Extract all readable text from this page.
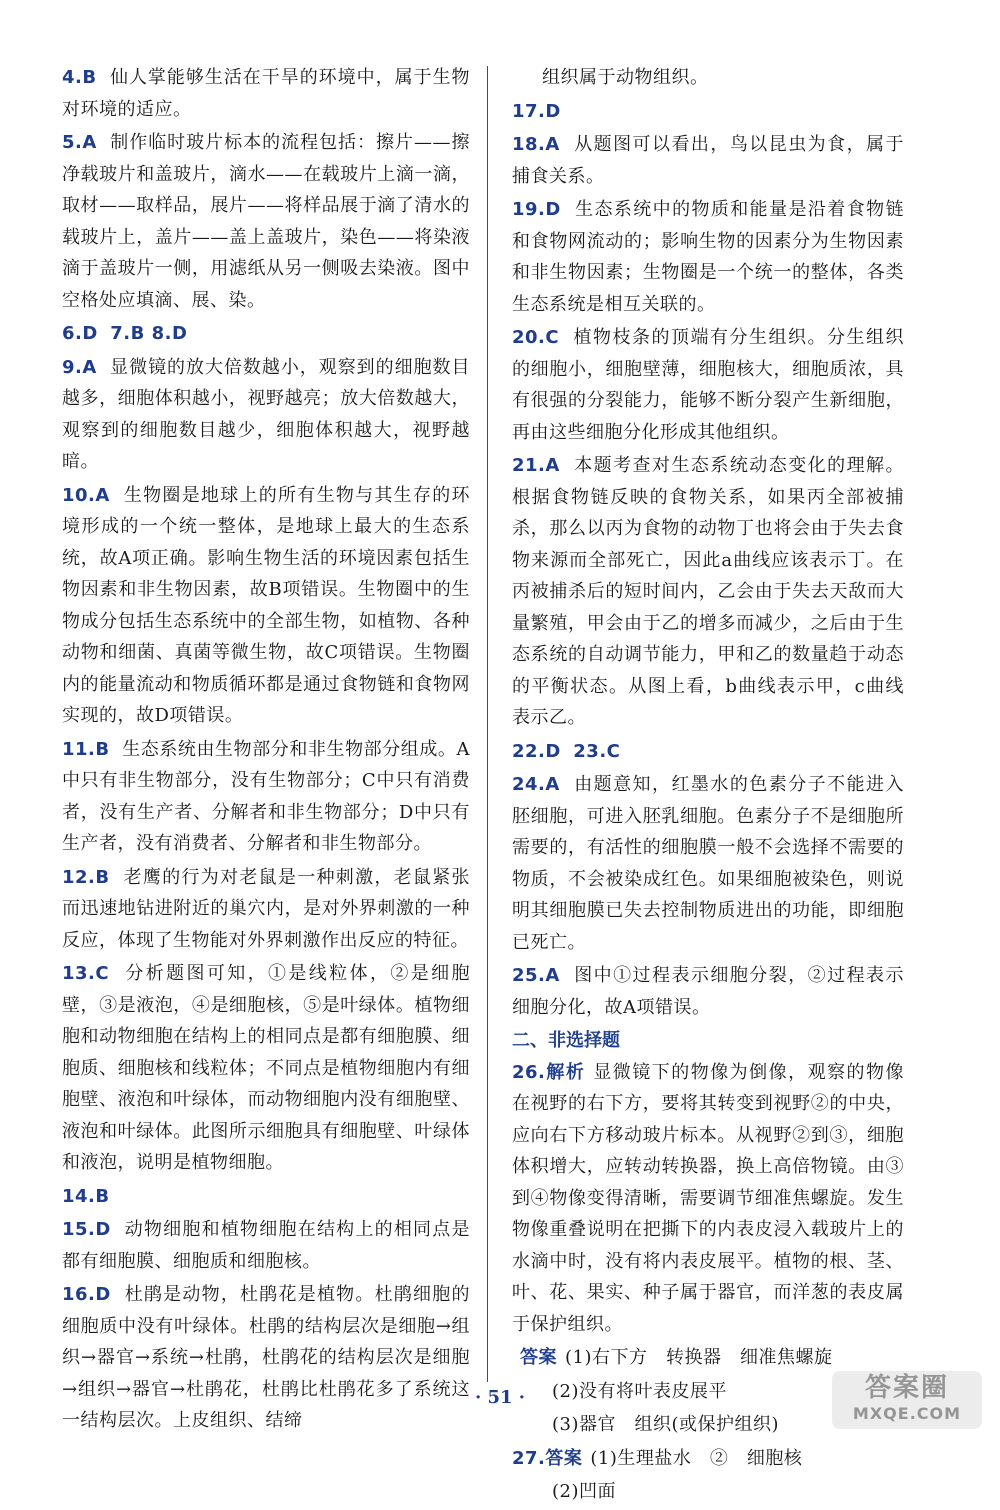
4.B 仙人掌能够生活在干旱的环境中，属于生物对环境的适应。

5.A 制作临时玻片标本的流程包括：擦片——擦净载玻片和盖玻片，滴水——在载玻片上滴一滴，取材——取样品，展片——将样品展于滴了清水的载玻片上，盖片——盖上盖玻片，染色——将染液滴于盖玻片一侧，用滤纸从另一侧吸去染液。图中空格处应填滴、展、染。

6.D 7.B 8.D

9.A 显微镜的放大倍数越小，观察到的细胞数目越多，细胞体积越小，视野越亮；放大倍数越大，观察到的细胞数目越少，细胞体积越大，视野越暗。

10.A 生物圈是地球上的所有生物与其生存的环境形成的一个统一整体，是地球上最大的生态系统，故A项正确。影响生物生活的环境因素包括生物因素和非生物因素，故B项错误。生物圈中的生物成分包括生态系统中的全部生物，如植物、各种动物和细菌、真菌等微生物，故C项错误。生物圈内的能量流动和物质循环都是通过食物链和食物网实现的，故D项错误。

11.B 生态系统由生物部分和非生物部分组成。A中只有非生物部分，没有生物部分；C中只有消费者，没有生产者、分解者和非生物部分；D中只有生产者，没有消费者、分解者和非生物部分。

12.B 老鹰的行为对老鼠是一种刺激，老鼠紧张而迅速地钻进附近的巢穴内，是对外界刺激的一种反应，体现了生物能对外界刺激作出反应的特征。

13.C 分析题图可知，①是线粒体，②是细胞壁，③是液泡，④是细胞核，⑤是叶绿体。植物细胞和动物细胞在结构上的相同点是都有细胞膜、细胞质、细胞核和线粒体；不同点是植物细胞内有细胞壁、液泡和叶绿体，而动物细胞内没有细胞壁、液泡和叶绿体。此图所示细胞具有细胞壁、叶绿体和液泡，说明是植物细胞。

14.B

15.D 动物细胞和植物细胞在结构上的相同点是都有细胞膜、细胞质和细胞核。

16.D 杜鹃是动物，杜鹃花是植物。杜鹃细胞的细胞质中没有叶绿体。杜鹃的结构层次是细胞→组织→器官→系统→杜鹃，杜鹃花的结构层次是细胞→组织→器官→杜鹃花，杜鹃比杜鹃花多了系统这一结构层次。上皮组织、结缔

组织属于动物组织。

17.D

18.A 从题图可以看出，鸟以昆虫为食，属于捕食关系。

19.D 生态系统中的物质和能量是沿着食物链和食物网流动的；影响生物的因素分为生物因素和非生物因素；生物圈是一个统一的整体，各类生态系统是相互关联的。

20.C 植物枝条的顶端有分生组织。分生组织的细胞小，细胞壁薄，细胞核大，细胞质浓，具有很强的分裂能力，能够不断分裂产生新细胞，再由这些细胞分化形成其他组织。

21.A 本题考查对生态系统动态变化的理解。根据食物链反映的食物关系，如果丙全部被捕杀，那么以丙为食物的动物丁也将会由于失去食物来源而全部死亡，因此a曲线应该表示丁。在丙被捕杀后的短时间内，乙会由于失去天敌而大量繁殖，甲会由于乙的增多而减少，之后由于生态系统的自动调节能力，甲和乙的数量趋于动态的平衡状态。从图上看，b曲线表示甲，c曲线表示乙。

22.D 23.C

24.A 由题意知，红墨水的色素分子不能进入胚细胞，可进入胚乳细胞。色素分子不是细胞所需要的，有活性的细胞膜一般不会选择不需要的物质，不会被染成红色。如果细胞被染色，则说明其细胞膜已失去控制物质进出的功能，即细胞已死亡。

25.A 图中①过程表示细胞分裂，②过程表示细胞分化，故A项错误。

二、非选择题

26.解析 显微镜下的物像为倒像，观察的物像在视野的右下方，要将其转变到视野②的中央，应向右下方移动玻片标本。从视野②到③，细胞体积增大，应转动转换器，换上高倍物镜。由③到④物像变得清晰，需要调节细准焦螺旋。发生物像重叠说明在把撕下的内表皮浸入载玻片上的水滴中时，没有将内表皮展平。植物的根、茎、叶、花、果实、种子属于器官，而洋葱的表皮属于保护组织。

答案 (1)右下方　转换器　细准焦螺旋

(2)没有将叶表皮展平

(3)器官　组织(或保护组织)

27.答案 (1)生理盐水　②　细胞核

(2)凹面

· 51 ·	答案圈
MXQE.COM
